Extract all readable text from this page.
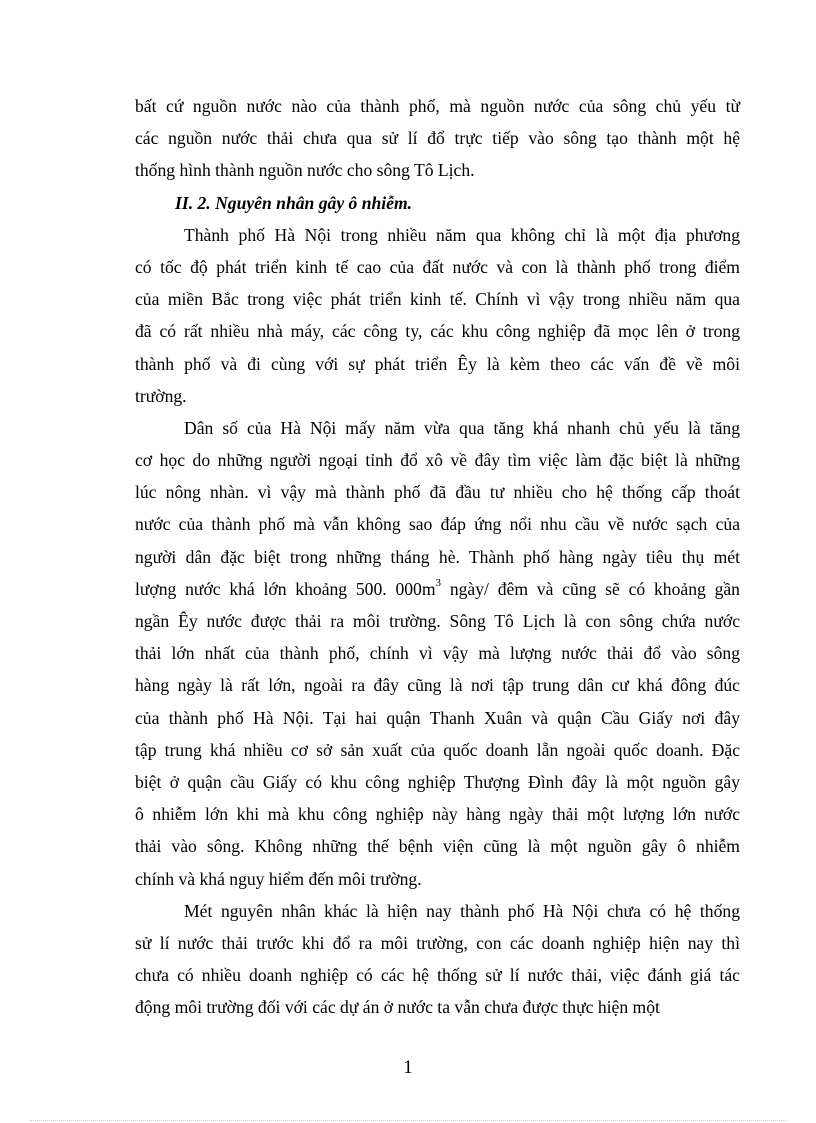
bất cứ nguồn nước nào của thành phố, mà nguồn nước của sông chủ yếu từ
các nguồn nước thải chưa qua sử lí đổ trực tiếp vào sông tạo thành một hệ
thống hình thành nguồn nước cho sông Tô Lịch.
II. 2. Nguyên nhân gây ô nhiễm.
Thành phố Hà Nội trong nhiều năm qua không chỉ là một địa phương
có tốc độ phát triển kinh tế cao của đất nước và con là thành phố trong điểm
của miền Bắc trong việc phát triển kinh tế. Chính vì vậy trong nhiều năm qua
đã có rất nhiều nhà máy, các công ty, các khu công nghiệp đã mọc lên ở trong
thành phố và đi cùng với sự phát triển Êy là kèm theo các vấn đề về môi
trường.
Dân số của Hà Nội mấy năm vừa qua tăng khá nhanh chủ yếu là tăng
cơ học do những người ngoại tỉnh đổ xô về đây tìm việc làm đặc biệt là những
lúc nông nhàn. vì vậy mà thành phố đã đầu tư nhiều cho hệ thống cấp thoát
nước của thành phố mà vẫn không sao đáp ứng nổi nhu cầu về nước sạch của
người dân đặc biệt trong những tháng hè. Thành phố hàng ngày tiêu thụ mét
lượng nước khá lớn khoảng 500. $000m^3$ ngày/ đêm và cũng sẽ có khoảng gần
ngần Êy nước được thải ra môi trường. Sông Tô Lịch là con sông chứa nước
thải lớn nhất của thành phố, chính vì vậy mà lượng nước thải đổ vào sông
hàng ngày là rất lớn, ngoài ra đây cũng là nơi tập trung dân cư khá đông đúc
của thành phố Hà Nội. Tại hai quận Thanh Xuân và quận Cầu Giấy nơi đây
tập trung khá nhiều cơ sở sản xuất của quốc doanh lẵn ngoài quốc doanh. Đặc
biệt ở quận cầu Giấy có khu công nghiệp Thượng Đình đây là một nguồn gây
ô nhiễm lớn khi mà khu công nghiệp này hàng ngày thải một lượng lớn nước
thải vào sông. Không những thế bệnh viện cũng là một nguồn gây ô nhiễm
chính và khá nguy hiểm đến môi trường.
Mét nguyên nhân khác là hiện nay thành phố Hà Nội chưa có hệ thống
sử lí nước thải trước khi đổ ra môi trường, con các doanh nghiệp hiện nay thì
chưa có nhiều doanh nghiệp có các hệ thống sử lí nước thải, việc đánh giá tác
động môi trường đối với các dự án ở nước ta vẫn chưa được thực hiện một
1
